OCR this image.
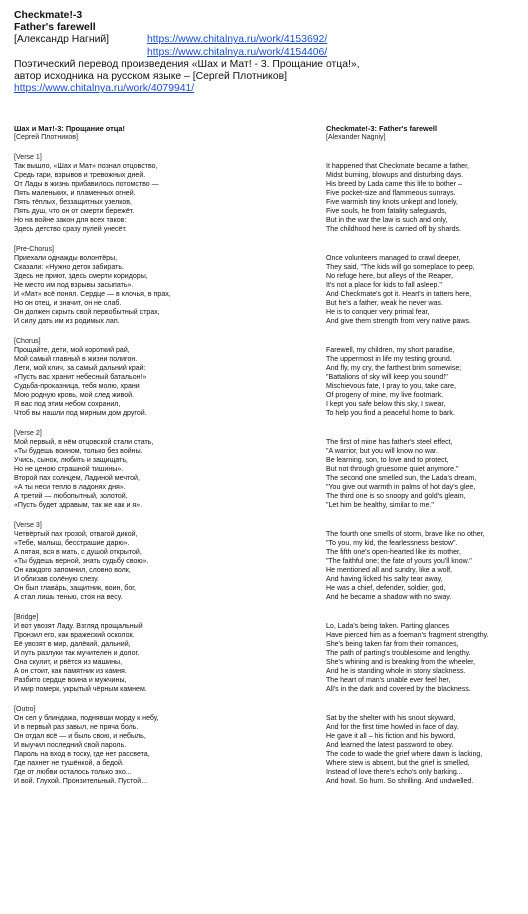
Checkmate!-3
Father's farewell
[Александр Нагний]	https://www.chitalnya.ru/work/4153692/
https://www.chitalnya.ru/work/4154406/
Поэтический перевод произведения «Шах и Мат! - 3. Прощание отца!»,
автор исходника на русском языке – [Сергей Плотников]
https://www.chitalnya.ru/work/4079941/
Шах и Мат!-3: Прощание отца!
[Сергей Плотников]
[Verse 1]
Так вышло, «Шах и Мат» познал отцовство,
Средь гари, взрывов и тревожных дней.
От Лады в жизнь прибавилось потомство —
Пять маленьких, и пламенных огней.
Пять тёплых, беззащитных узелков,
Пять душ, что он от смерти бережёт.
Но на войне закон для всех таков:
Здесь детство сразу пулей унесёт.
[Pre-Chorus]
Приехали однажды волонтёры,
Сказали: «Нужно деток забирать.
Здесь не приют, здесь смерти коридоры,
Не место им под взрывы засыпать».
И «Мат» всё понял. Сердце — в клочья, в прах,
Но он отец, и значит, он не слаб.
Он должен скрыть свой первобытный страх,
И силу дать им из родимых лап.
[Chorus]
Прощайте, дети, мой короткий рай,
Мой самый главный в жизни полигон.
Лети, мой клич, за самый дальний край:
«Пусть вас хранит небесный батальон!»
Судьба-проказница, тебя молю, храни
Мою родную кровь, мой след живой.
Я вас под этим небом сохранил,
Чтоб вы нашли под мирным дом другой.
[Verse 2]
Мой первый, в нём отцовской стали стать,
«Ты будешь воином, только без войны.
Учись, сынок, любить и защищать,
Но не ценою страшной тишины».
Второй пах солнцем, Ладиной мечтой,
«А ты неси тепло в ладонях дня».
А третий — любопытный, золотой,
«Пусть будет здравым, так же как и я».
[Verse 3]
Четвёртый пах грозой, отвагой дикой,
«Тебе, малыш, бесстрашие дарю».
А пятая, вся в мать, с душой открытой,
«Ты будешь верной, знать судьбу свою».
Он каждого запомнил, словно волк,
И облизав солёную слезу.
Он был глава́рь, защитник, воин, бог,
А стал лишь тенью, стоя на весу.
[Bridge]
И вот увозят Ладу. Взгляд прощальный
Пронзил его, как вражеский осколок.
Её увозят в мир, далёкий, дальний,
И путь разлуки так мучителен и долог.
Она скулит, и рвётся из машины,
А он стоит, как памятник из камня.
Разбито сердце воина и мужчины,
И мир померк, укрытый чёрным камнем.
[Outro]
Он сел у блиндажа, поднявши морду к небу,
И в первый раз завыл, не пряча боль.
Он отдал всё — и быль свою, и небыль,
И выучил последний свой пароль.
Пароль на вход в тоску, где нет рассвета,
Где пахнет не тушёнкой, а бедой.
Где от любви осталось только эхо...
И вой. Глухой. Пронзительный. Пустой...
Checkmate!-3: Father's farewell
[Alexander Nagniy]
It happened that Checkmate became a father,
Midst burning, blowups and disturbing days.
His breed by Lada came this life to bother –
Five pocket-size and flammeous sunrays.
Five warmish tiny knots unkept and lonely,
Five souls, he from fatality safeguards,
But in the war the law is such and only,
The childhood here is carried off by shards.
Once volunteers managed to crawl deeper,
They said, "The kids will go someplace to peep,
No refuge here, but alleys of the Reaper,
It's not a place for kids to fall asleep."
And Checkmate's got it. Heart's in tatters here,
But he's a father, weak he never was.
He is to conquer very primal fear,
And give them strength from very native paws.
Farewell, my children, my short paradise,
The uppermost in life my testing ground.
And fly, my cry, the farthest brim somewise;
"Battalions of sky will keep you sound!"
Mischievous fate, I pray to you, take care,
Of progeny of mine, my live footmark.
I kept you safe below this sky, I swear,
To help you find a peaceful home to bark.
The first of mine has father's steel effect,
"A warrior, but you will know no war.
Be learning, son, to love and to protect,
But not through gruesome quiet anymore."
The second one smelled sun, the Lada's dream,
"You give out warmth in palms of hot day's glee,
The third one is so snoopy and gold's gleam,
"Let him be healthy, similar to me."
The fourth one smells of storm, brave like no other,
"To you, my kid, the fearlessness bestow".
The fifth one's open-hearted like its mother,
"The faithful one; the fate of yours you'll know."
He mentioned all and sundry, like a wolf,
And having licked his salty tear away,
He was a chief, defender, soldier, god,
And he became a shadow with no sway.
Lo, Lada's being taken. Parting glances
Have pierced him as a foeman's fragment strengthy.
She's being taken far from their romances,
The path of parting's troublesome and lengthy.
She's whining and is breaking from the wheeler,
And he is standing whole in stony slackness.
The heart of man's unable ever feel her,
All's in the dark and covered by the blackness.
Sat by the shelter with his snout skyward,
And for the first time howled in face of day.
He gave it all – his fiction and his byword,
And learned the latest password to obey.
The code to wade the grief where dawn is lacking,
Where stew is absent, but the grief is smelled,
Instead of love there's echo's only barking...
And howl. So hum. So shrilling. And undwelled.
